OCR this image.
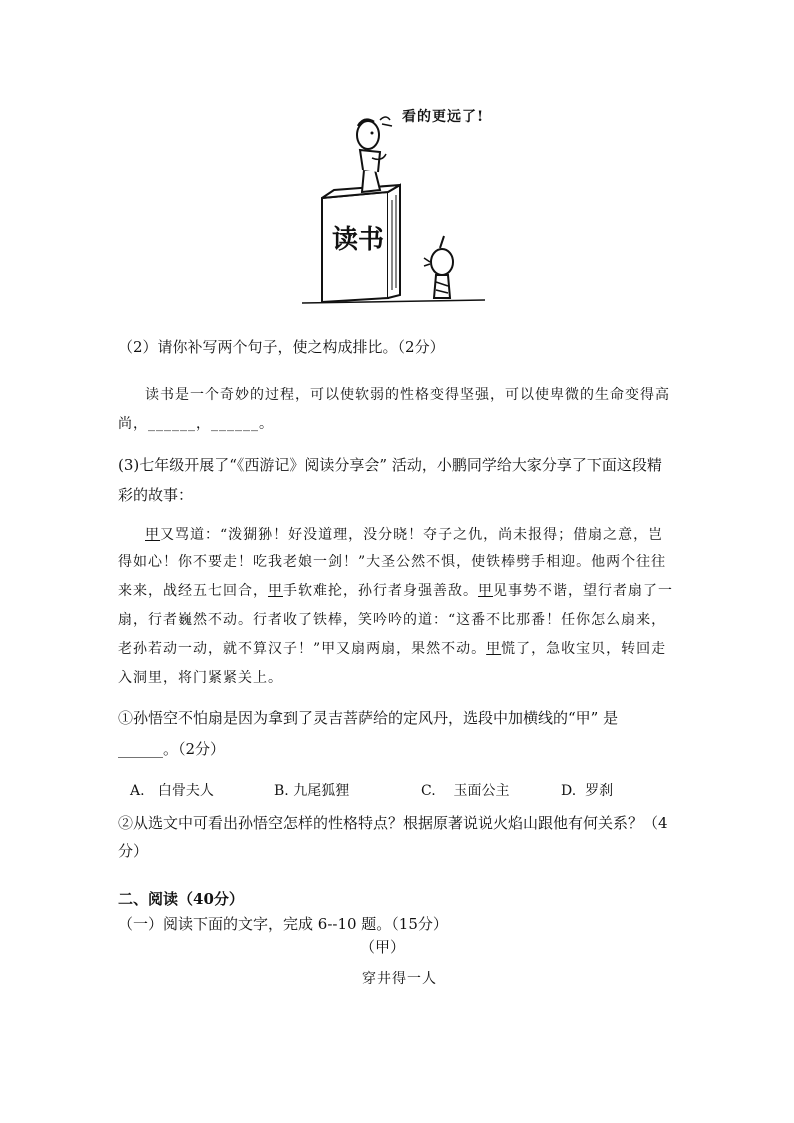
读书
看的更远了!
（2）请你补写两个句子，使之构成排比。（2分）
读书是一个奇妙的过程，可以使软弱的性格变得坚强，可以使卑微的生命变得高
尚，______，______。
(3)七年级开展了“《西游记》阅读分享会” 活动，小鹏同学给大家分享了下面这段精
彩的故事：
甲又骂道：“泼猢狲！好没道理，没分晓！夺子之仇，尚未报得；借扇之意，岂
得如心！你不要走！吃我老娘一剑！”大圣公然不惧，使铁棒劈手相迎。他两个往往
来来，战经五七回合，甲手软难抡，孙行者身强善敌。甲见事势不谐，望行者扇了一
扇，行者巍然不动。行者收了铁棒，笑吟吟的道：“这番不比那番！任你怎么扇来，
老孙若动一动，就不算汉子！”甲又扇两扇，果然不动。甲慌了，急收宝贝，转回走
入洞里，将门紧紧关上。
①孙悟空不怕扇是因为拿到了灵吉菩萨给的定风丹，选段中加横线的“甲” 是
______。（2分）
A. 白骨夫人	B. 九尾狐狸	C. 玉面公主	D. 罗刹
②从选文中可看出孙悟空怎样的性格特点？根据原著说说火焰山跟他有何关系？（4
分）
二、阅读（40分）
（一）阅读下面的文字，完成 6--10 题。（15分）
（甲）
穿井得一人
